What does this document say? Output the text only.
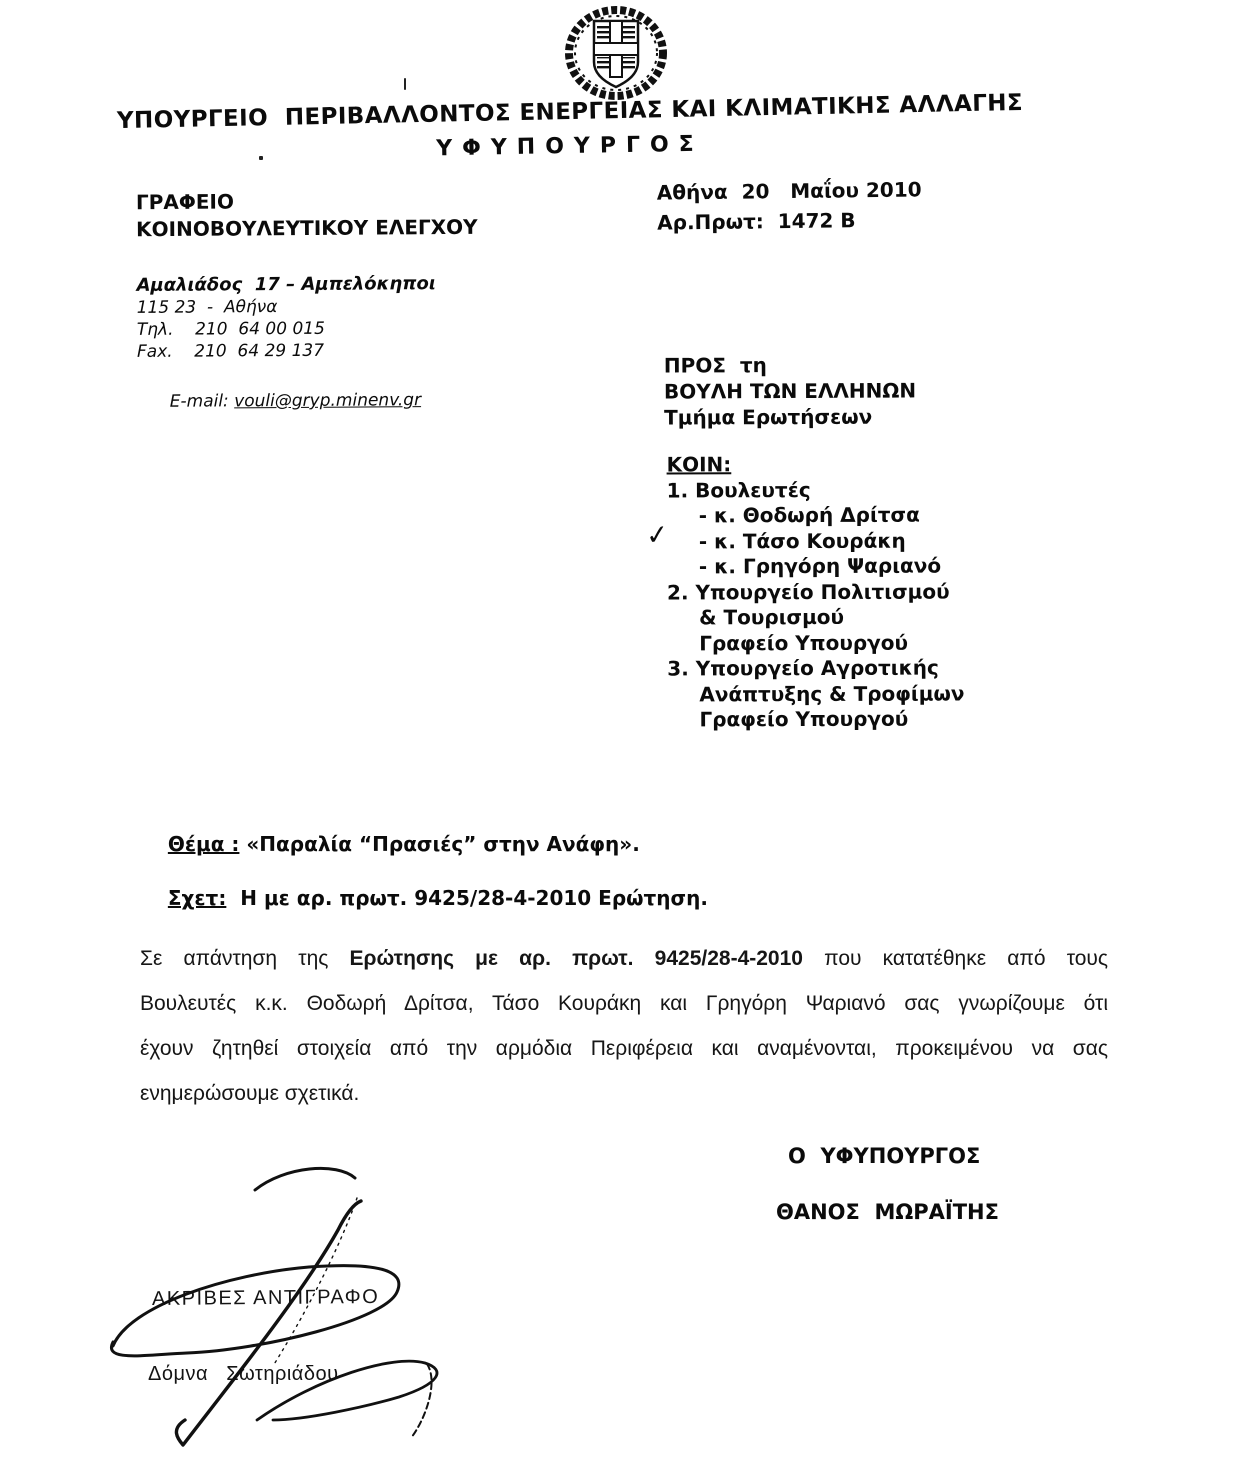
ΥΠΟΥΡΓΕΙΟ  ΠΕΡΙΒΑΛΛΟΝΤΟΣ ΕΝΕΡΓΕΙΑΣ ΚΑΙ ΚΛΙΜΑΤΙΚΗΣ ΑΛΛΑΓΗΣ
ΥΦΥΠΟΥΡΓΟΣ
ΓΡΑΦΕΙΟ
ΚΟΙΝΟΒΟΥΛΕΥΤΙΚΟΥ ΕΛΕΓΧΟΥ
Αθήνα  20   Μαΐου 2010
Αρ.Πρωτ:  1472 Β
Αμαλιάδος  17 – Αμπελόκηποι
115 23  -  Αθήνα
Τηλ.    210  64 00 015
Fax.    210  64 29 137

E-mail: vouli@gryp.minenv.gr

ΠΡΟΣ  τη
ΒΟΥΛΗ ΤΩΝ ΕΛΛΗΝΩΝ
Τμήμα Ερωτήσεων
ΚΟΙΝ:
1. Βουλευτές
- κ. Θοδωρή Δρίτσα
- κ. Τάσο Κουράκη
- κ. Γρηγόρη Ψαριανό
2. Υπουργείο Πολιτισμού
& Τουρισμού
Γραφείο Υπουργού
3. Υπουργείο Αγροτικής
Ανάπτυξης & Τροφίμων
Γραφείο Υπουργού
✓

Θέμα : «Παραλία “Πρασιές” στην Ανάφη».

Σχετ:  Η με αρ. πρωτ. 9425/28-4-2010 Ερώτηση.

Σε απάντηση της Ερώτησης με αρ. πρωτ. 9425/28-4-2010 που κατατέθηκε από τους
Βουλευτές κ.κ. Θοδωρή Δρίτσα, Τάσο Κουράκη και Γρηγόρη Ψαριανό σας γνωρίζουμε ότι
έχουν ζητηθεί στοιχεία από την αρμόδια Περιφέρεια και αναμένονται, προκειμένου να σας
ενημερώσουμε σχετικά.
Ο  ΥΦΥΠΟΥΡΓΟΣ
ΘΑΝΟΣ  ΜΩΡΑΪΤΗΣ
ΑΚΡΙΒΕΣ ΑΝΤΙΓΡΑΦΟ
Δόμνα   Σωτηριάδου
